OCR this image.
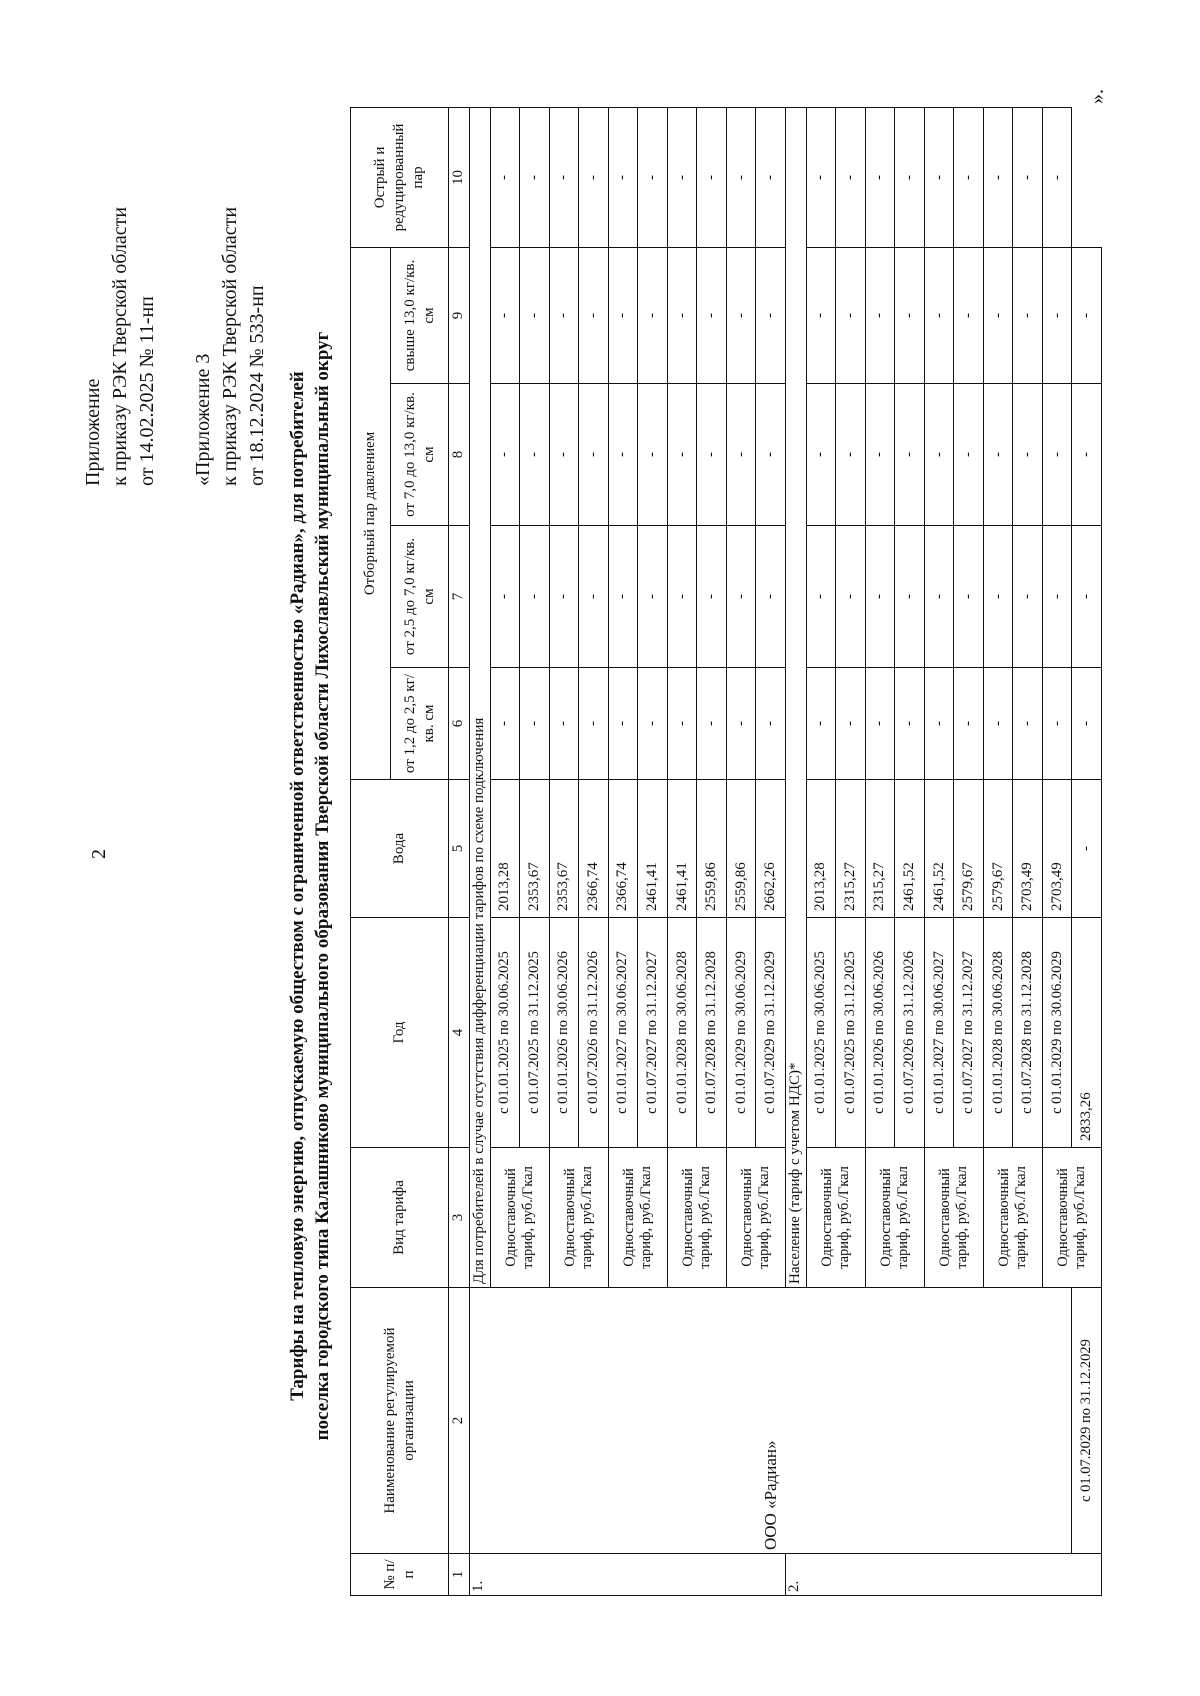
2
Приложение к приказу РЭК Тверской области от 14.02.2025 № 11-нп «Приложение 3 к приказу РЭК Тверской области от 18.12.2024 № 533-нп Тарифы на тепловую энергию, отпускаемую обществом с ограниченной ответственностью «Радиан», для потребителей поселка городского типа Калашниково муниципального образования Тверской области Лихославльский муниципальный округ
№ п/п	Наименование регулируемой организации	Вид тарифа	Год	Вода	Отборный пар давлением				Острый и редуцированный пар
					от 1,2 до 2,5 кг/кв. см	от 2,5 до 7,0 кг/кв. см	от 7,0 до 13,0 кг/кв. см	свыше 13,0 кг/кв. см	
1	2	3	4	5	6	7	8	9	10
1.	ООО «Радиан»	Для потребителей в случае отсутствия дифференциации тарифов по схеме подключения							
		Одноставочный тариф, руб./Гкал	с 01.01.2025 по 30.06.2025	2013,28	-	-	-	-	-
			с 01.07.2025 по 31.12.2025	2353,67	-	-	-	-	-
		Одноставочный тариф, руб./Гкал	с 01.01.2026 по 30.06.2026	2353,67	-	-	-	-	-
			с 01.07.2026 по 31.12.2026	2366,74	-	-	-	-	-
		Одноставочный тариф, руб./Гкал	с 01.01.2027 по 30.06.2027	2366,74	-	-	-	-	-
			с 01.07.2027 по 31.12.2027	2461,41	-	-	-	-	-
		Одноставочный тариф, руб./Гкал	с 01.01.2028 по 30.06.2028	2461,41	-	-	-	-	-
			с 01.07.2028 по 31.12.2028	2559,86	-	-	-	-	-
		Одноставочный тариф, руб./Гкал	с 01.01.2029 по 30.06.2029	2559,86	-	-	-	-	-
			с 01.07.2029 по 31.12.2029	2662,26	-	-	-	-	-
2.		Население (тариф с учетом НДС)*							
		Одноставочный тариф, руб./Гкал	с 01.01.2025 по 30.06.2025	2013,28	-	-	-	-	-
			с 01.07.2025 по 31.12.2025	2315,27	-	-	-	-	-
		Одноставочный тариф, руб./Гкал	с 01.01.2026 по 30.06.2026	2315,27	-	-	-	-	-
			с 01.07.2026 по 31.12.2026	2461,52	-	-	-	-	-
		Одноставочный тариф, руб./Гкал	с 01.01.2027 по 30.06.2027	2461,52	-	-	-	-	-
			с 01.07.2027 по 31.12.2027	2579,67	-	-	-	-	-
		Одноставочный тариф, руб./Гкал	с 01.01.2028 по 30.06.2028	2579,67	-	-	-	-	-
			с 01.07.2028 по 31.12.2028	2703,49	-	-	-	-	-
		Одноставочный тариф, руб./Гкал	с 01.01.2029 по 30.06.2029	2703,49	-	-	-	-	-
	с 01.07.2029 по 31.12.2029		2833,26	-	-	-	-	-	
».
